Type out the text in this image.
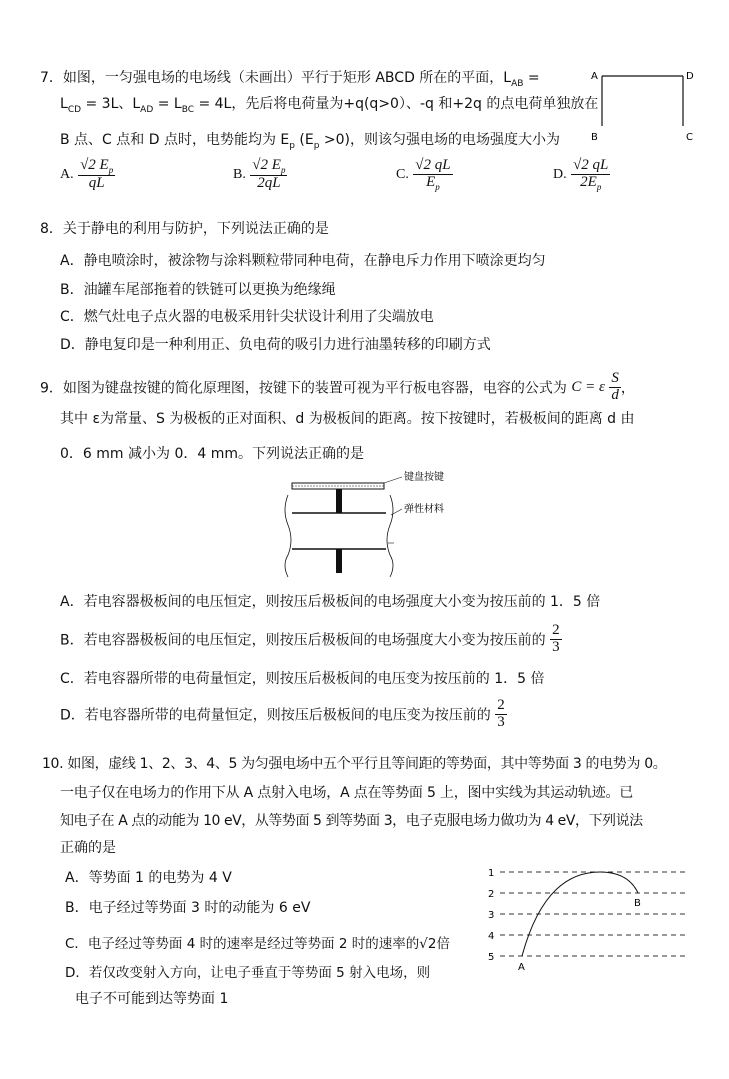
7．如图，一匀强电场的电场线（未画出）平行于矩形 ABCD 所在的平面，$L_{AB}$ =
$L_{CD} = 3L$、$L_{AD} = L_{BC} = 4L$，先后将电荷量为+q(q>0）、-q 和+2q 的点电荷单独放在
B 点、C 点和 D 点时，电势能均为 $E_p$ $(E_p >0)$，则该匀强电场的电场强度大小为
A	D
B	C
A. $\frac{√2 E_p}{qL}$	B. $\frac{√2 E_p}{2qL}$	C. $\frac{√2 qL}{E_p}$	D. $\frac{√2 qL}{2E_p}$
8．关于静电的利用与防护，下列说法正确的是
A．静电喷涂时，被涂物与涂料颗粒带同种电荷，在静电斥力作用下喷涂更均匀
B．油罐车尾部拖着的铁链可以更换为绝缘绳
C．燃气灶电子点火器的电极采用针尖状设计利用了尖端放电
D．静电复印是一种利用正、负电荷的吸引力进行油墨转移的印刷方式
9．如图为键盘按键的简化原理图，按键下的装置可视为平行板电容器，电容的公式为 C = ε $\frac{S}{d}$ ，
其中 ε为常量、S 为极板的正对面积、d 为极板间的距离。按下按键时，若极板间的距离 d 由
0．6 mm 减小为 0．4 mm。下列说法正确的是
键盘按键
弹性材料
A．若电容器极板间的电压恒定，则按压后极板间的电场强度大小变为按压前的 1．5 倍
B．若电容器极板间的电压恒定，则按压后极板间的电场强度大小变为按压前的 $\frac{2}{3}$
C．若电容器所带的电荷量恒定，则按压后极板间的电压变为按压前的 1．5 倍
D．若电容器所带的电荷量恒定，则按压后极板间的电压变为按压前的 $\frac{2}{3}$
10. 如图，虚线 1、2、3、4、5 为匀强电场中五个平行且等间距的等势面，其中等势面 3 的电势为 0。
一电子仅在电场力的作用下从 A 点射入电场，A 点在等势面 5 上，图中实线为其运动轨迹。已
知电子在 A 点的动能为 10 eV，从等势面 5 到等势面 3，电子克服电场力做功为 4 eV，下列说法
正确的是
A．等势面 1 的电势为 4 V
B．电子经过等势面 3 时的动能为 6 eV
C．电子经过等势面 4 时的速率是经过等势面 2 时的速率的√2倍
D．若仅改变射入方向，让电子垂直于等势面 5 射入电场，则
电子不可能到达等势面 1
1
2
3
4
5
A
B
